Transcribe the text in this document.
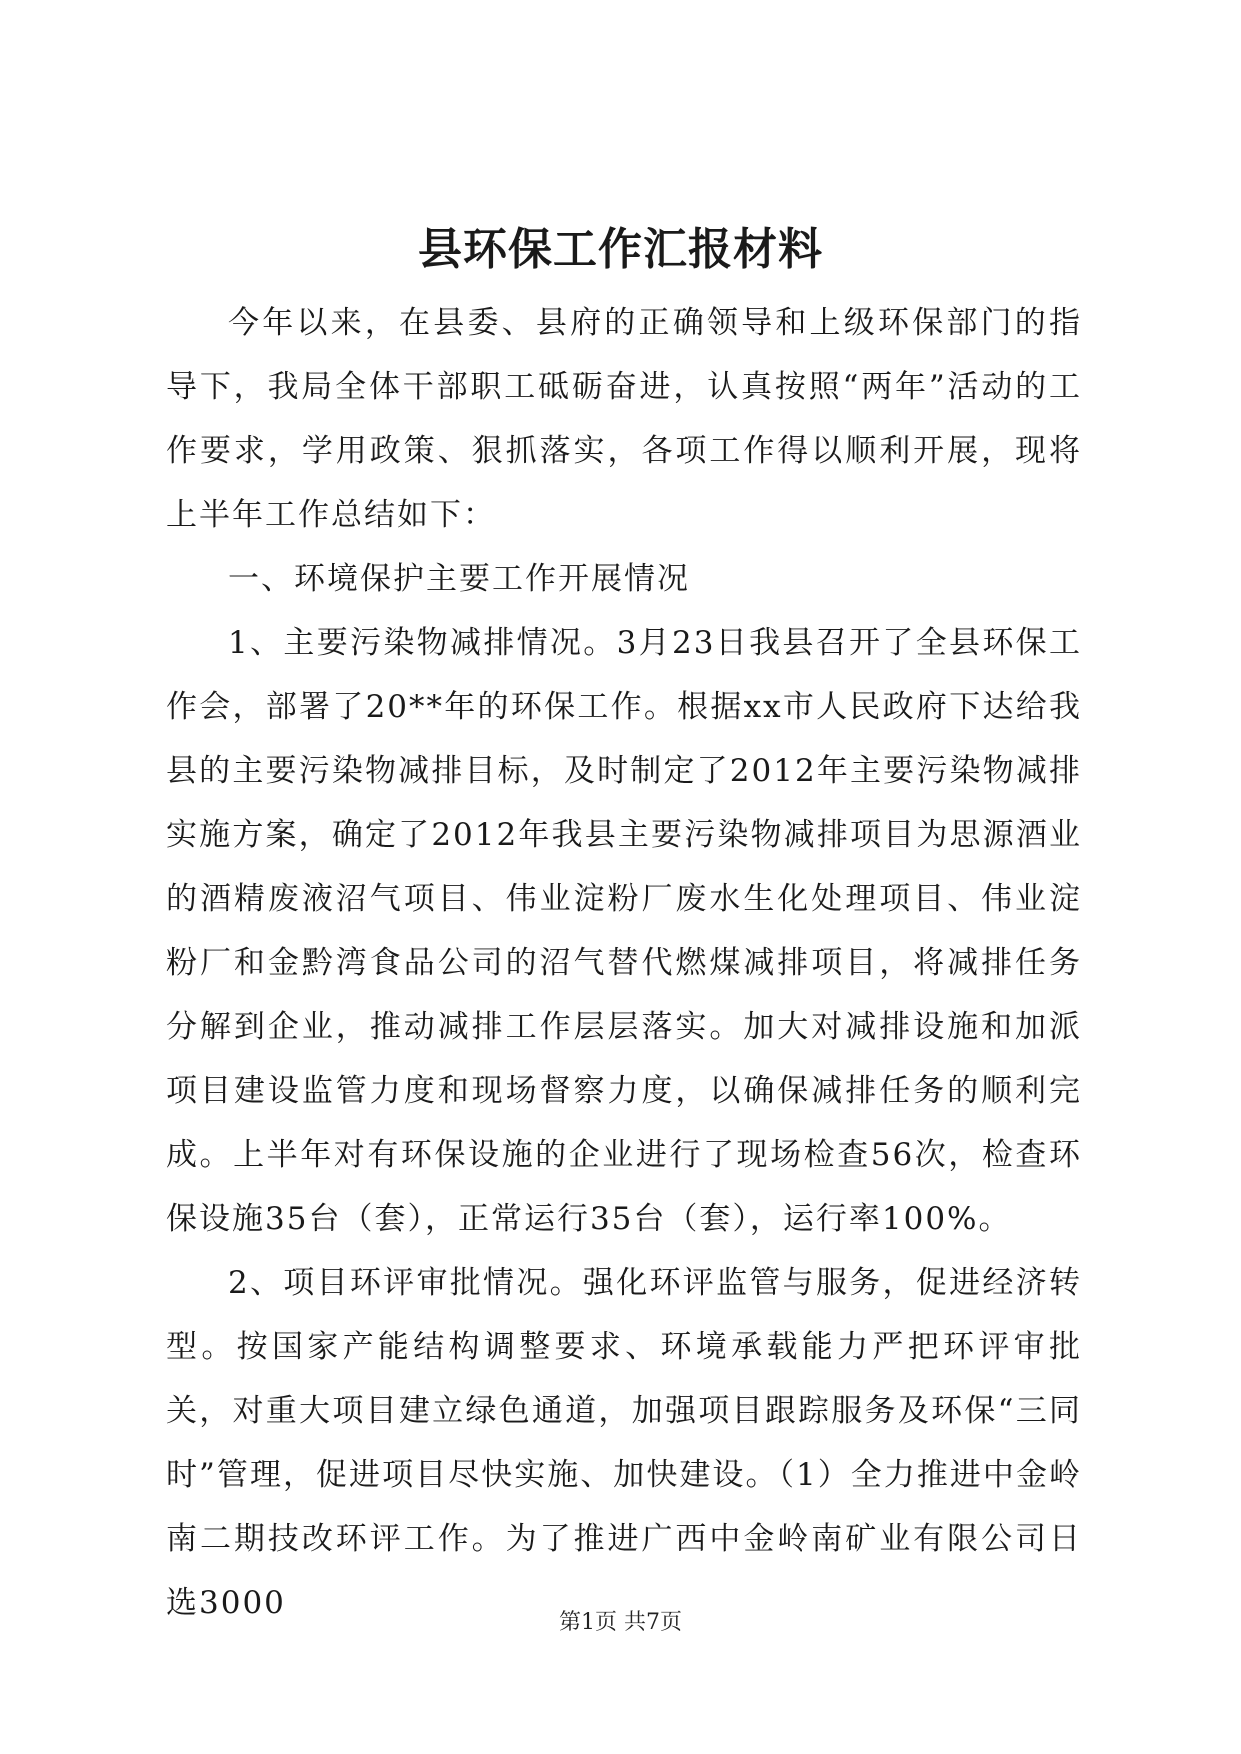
县环保工作汇报材料

今年以来，在县委、县府的正确领导和上级环保部门的指导下，我局全体干部职工砥砺奋进，认真按照“两年”活动的工作要求，学用政策、狠抓落实，各项工作得以顺利开展，现将上半年工作总结如下：

一、环境保护主要工作开展情况

1、主要污染物减排情况。3月23日我县召开了全县环保工作会，部署了20**年的环保工作。根据xx市人民政府下达给我县的主要污染物减排目标，及时制定了2012年主要污染物减排实施方案，确定了2012年我县主要污染物减排项目为思源酒业的酒精废液沼气项目、伟业淀粉厂废水生化处理项目、伟业淀粉厂和金黔湾食品公司的沼气替代燃煤减排项目，将减排任务分解到企业，推动减排工作层层落实。加大对减排设施和加派项目建设监管力度和现场督察力度，以确保减排任务的顺利完成。上半年对有环保设施的企业进行了现场检查56次，检查环保设施35台（套），正常运行35台（套），运行率100%。

2、项目环评审批情况。强化环评监管与服务，促进经济转型。按国家产能结构调整要求、环境承载能力严把环评审批关，对重大项目建立绿色通道，加强项目跟踪服务及环保“三同时”管理，促进项目尽快实施、加快建设。（1）全力推进中金岭南二期技改环评工作。为了推进广西中金岭南矿业有限公司日选3000

第1页 共7页
